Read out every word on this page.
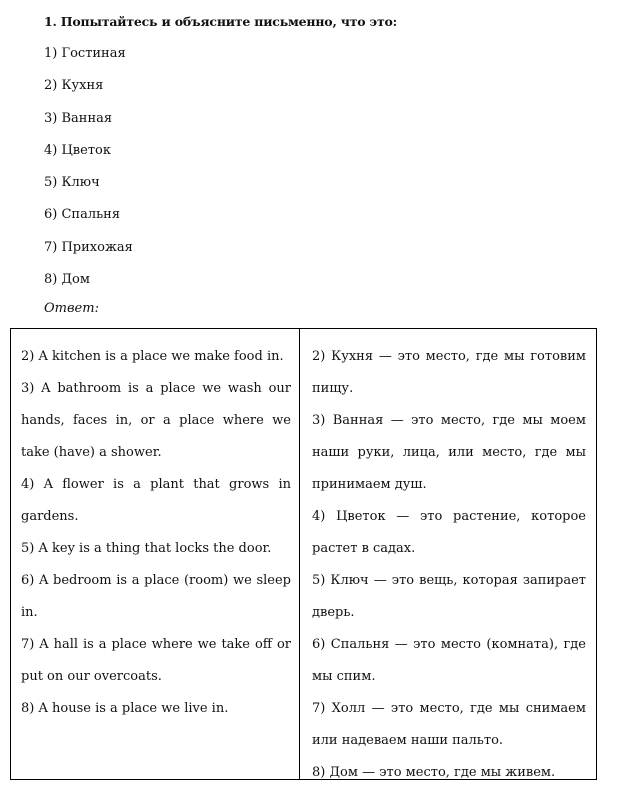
1. Попытайтесь и объясните письменно, что это:
1) Гостиная
2) Кухня
3) Ванная
4) Цветок
5) Ключ
6) Спальня
7) Прихожая
8) Дом
Ответ:

2) A kitchen is a place we make food in.

3) A bathroom is a place we wash our hands, faces in, or a place where we take (have) a shower.

4) A flower is a plant that grows in gardens.

5) A key is a thing that locks the door.

6) A bedroom is a place (room) we sleep in.

7) A hall is a place where we take off or put on our overcoats.

8) A house is a place we live in.

2) Кухня — это место, где мы готовим пищу.

3) Ванная — это место, где мы моем наши руки, лица, или место, где мы принимаем душ.

4) Цветок — это растение, которое растет в садах.

5) Ключ — это вещь, которая запирает дверь.

6) Спальня — это место (комната), где мы спим.

7) Холл — это место, где мы снимаем или надеваем наши пальто.

8) Дом — это место, где мы живем.
